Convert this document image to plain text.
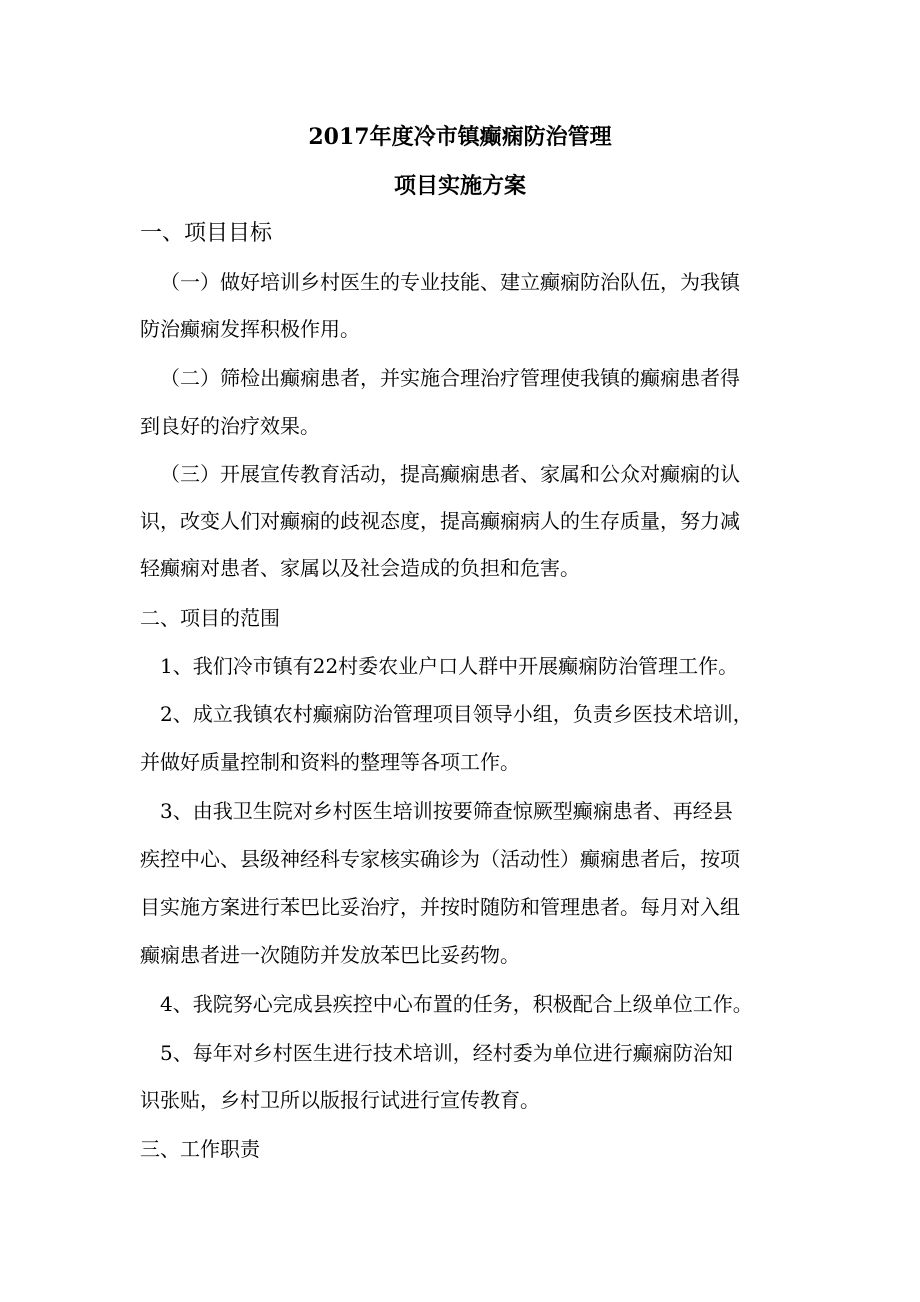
2017年度冷市镇癫痫防治管理
项目实施方案
一、项目目标
（一）做好培训乡村医生的专业技能、建立癫痫防治队伍，为我镇
防治癫痫发挥积极作用。
（二）筛检出癫痫患者，并实施合理治疗管理使我镇的癫痫患者得
到良好的治疗效果。
（三）开展宣传教育活动，提高癫痫患者、家属和公众对癫痫的认
识，改变人们对癫痫的歧视态度，提高癫痫病人的生存质量，努力减
轻癫痫对患者、家属以及社会造成的负担和危害。
二、项目的范围
1、我们冷市镇有22村委农业户口人群中开展癫痫防治管理工作。
2、成立我镇农村癫痫防治管理项目领导小组，负责乡医技术培训，
并做好质量控制和资料的整理等各项工作。
3、由我卫生院对乡村医生培训按要筛查惊厥型癫痫患者、再经县
疾控中心、县级神经科专家核实确诊为（活动性）癫痫患者后，按项
目实施方案进行苯巴比妥治疗，并按时随防和管理患者。每月对入组
癫痫患者进一次随防并发放苯巴比妥药物。
4、我院努心完成县疾控中心布置的任务，积极配合上级单位工作。
5、每年对乡村医生进行技术培训，经村委为单位进行癫痫防治知
识张贴，乡村卫所以版报行试进行宣传教育。
三、工作职责
